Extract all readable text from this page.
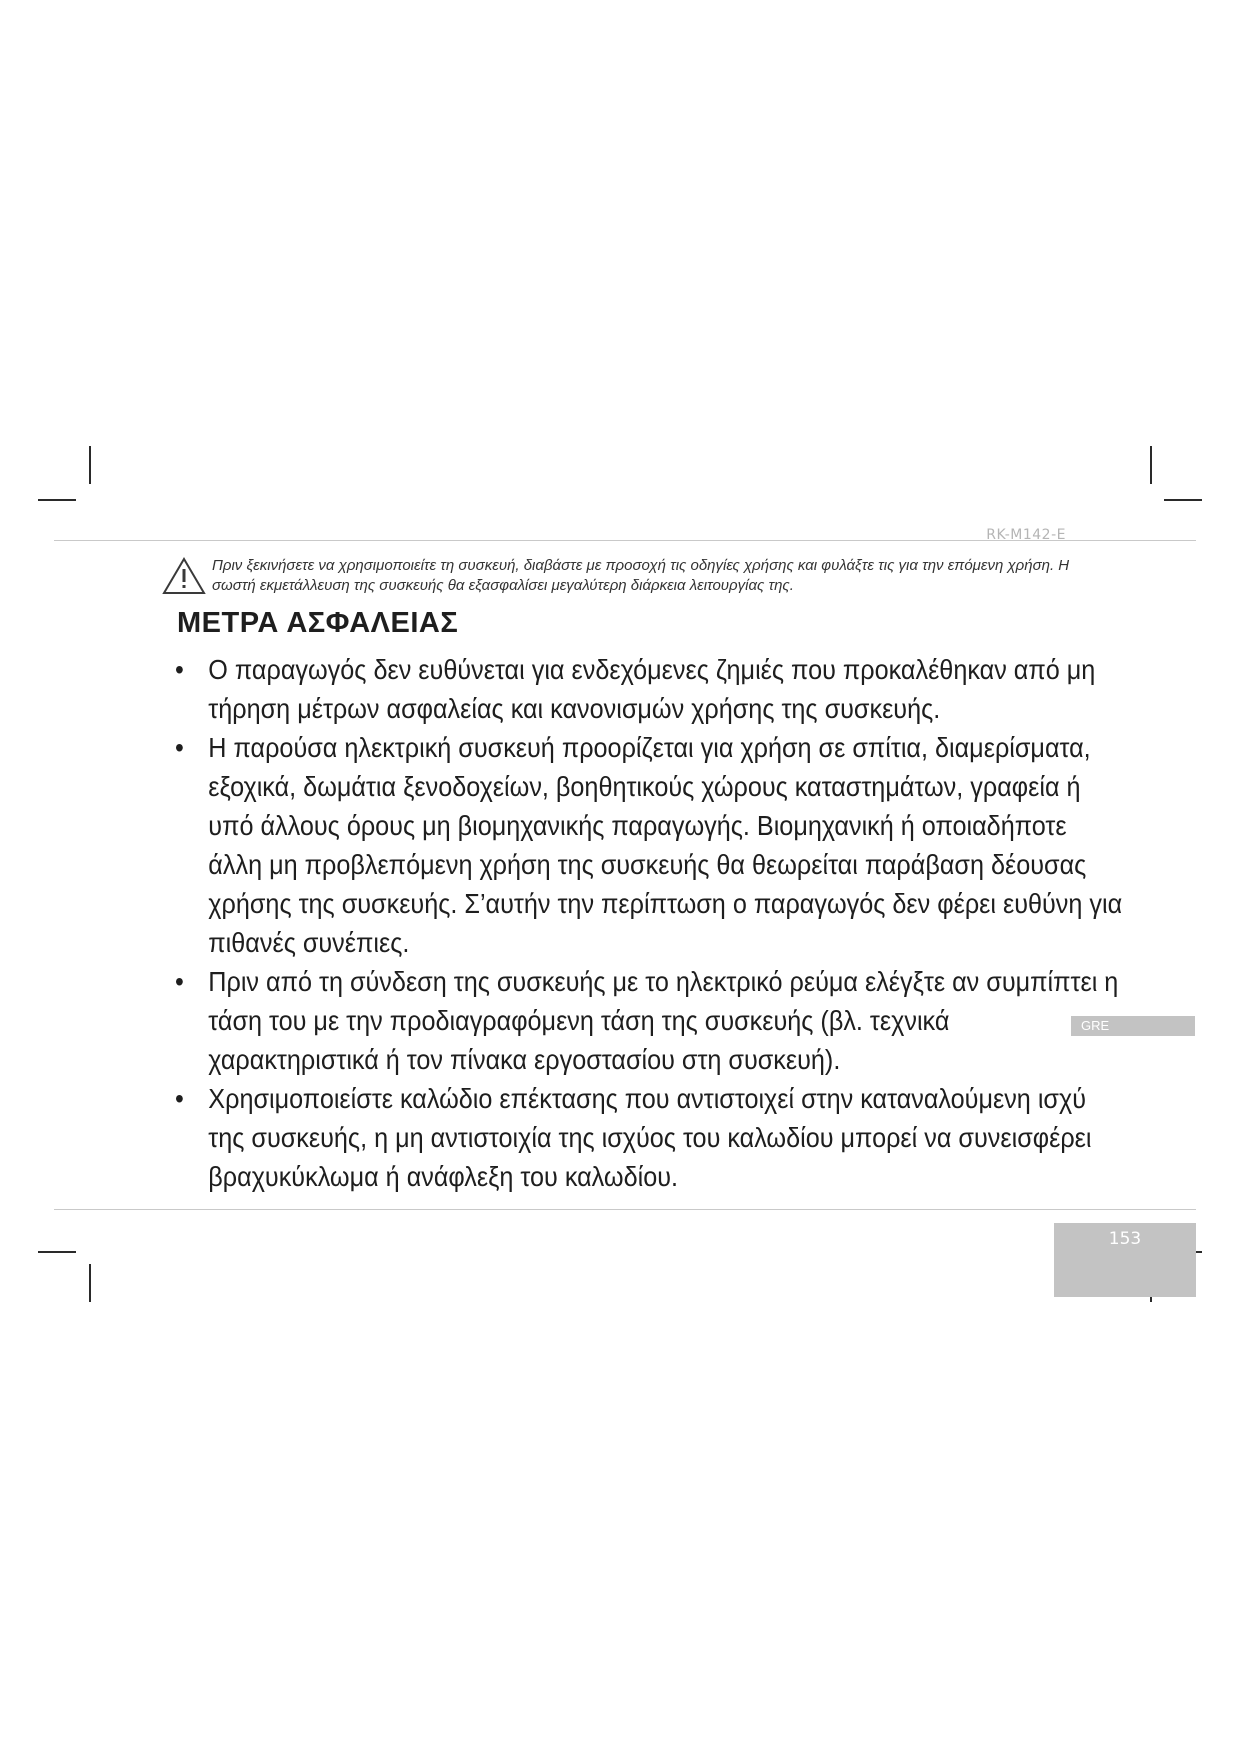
RK-M142-E
Πριν ξεκινήσετε να χρησιμοποιείτε τη συσκευή, διαβάστε με προσοχή τις οδηγίες χρήσης και φυλάξτε τις για την επόμενη χρήση. Η σωστή εκμετάλλευση της συσκευής θα εξασφαλίσει μεγαλύτερη διάρκεια λειτουργίας της.
ΜΕΤΡΑ ΑΣΦΑΛΕΙΑΣ
• Ο παραγωγός δεν ευθύνεται για ενδεχόμενες ζημιές που προκαλέθηκαν από μη τήρηση μέτρων ασφαλείας και κανονισμών χρήσης της συσκευής.
• Η παρούσα ηλεκτρική συσκευή προορίζεται για χρήση σε σπίτια, διαμερίσματα, εξοχικά, δωμάτια ξενοδοχείων, βοηθητικούς χώρους καταστημάτων, γραφεία ή υπό άλλους όρους μη βιομηχανικής παραγωγής. Βιομηχανική ή οποιαδήποτε άλλη μη προβλεπόμενη χρήση της συσκευής θα θεωρείται παράβαση δέουσας χρήσης της συσκευής. Σ’αυτήν την περίπτωση ο παραγωγός δεν φέρει ευθύνη για πιθανές συνέπιες.
• Πριν από τη σύνδεση της συσκευής με το ηλεκτρικό ρεύμα ελέγξτε αν συμπίπτει η τάση του με την προδιαγραφόμενη τάση της συσκευής (βλ. τεχνικά χαρακτηριστικά ή τον πίνακα εργοστασίου στη συσκευή).
• Χρησιμοποιείστε καλώδιο επέκτασης που αντιστοιχεί στην καταναλούμενη ισχύ της συσκευής, η μη αντιστοιχία της ισχύος του καλωδίου μπορεί να συνεισφέρει βραχυκύκλωμα ή ανάφλεξη του καλωδίου.
GRE
153
